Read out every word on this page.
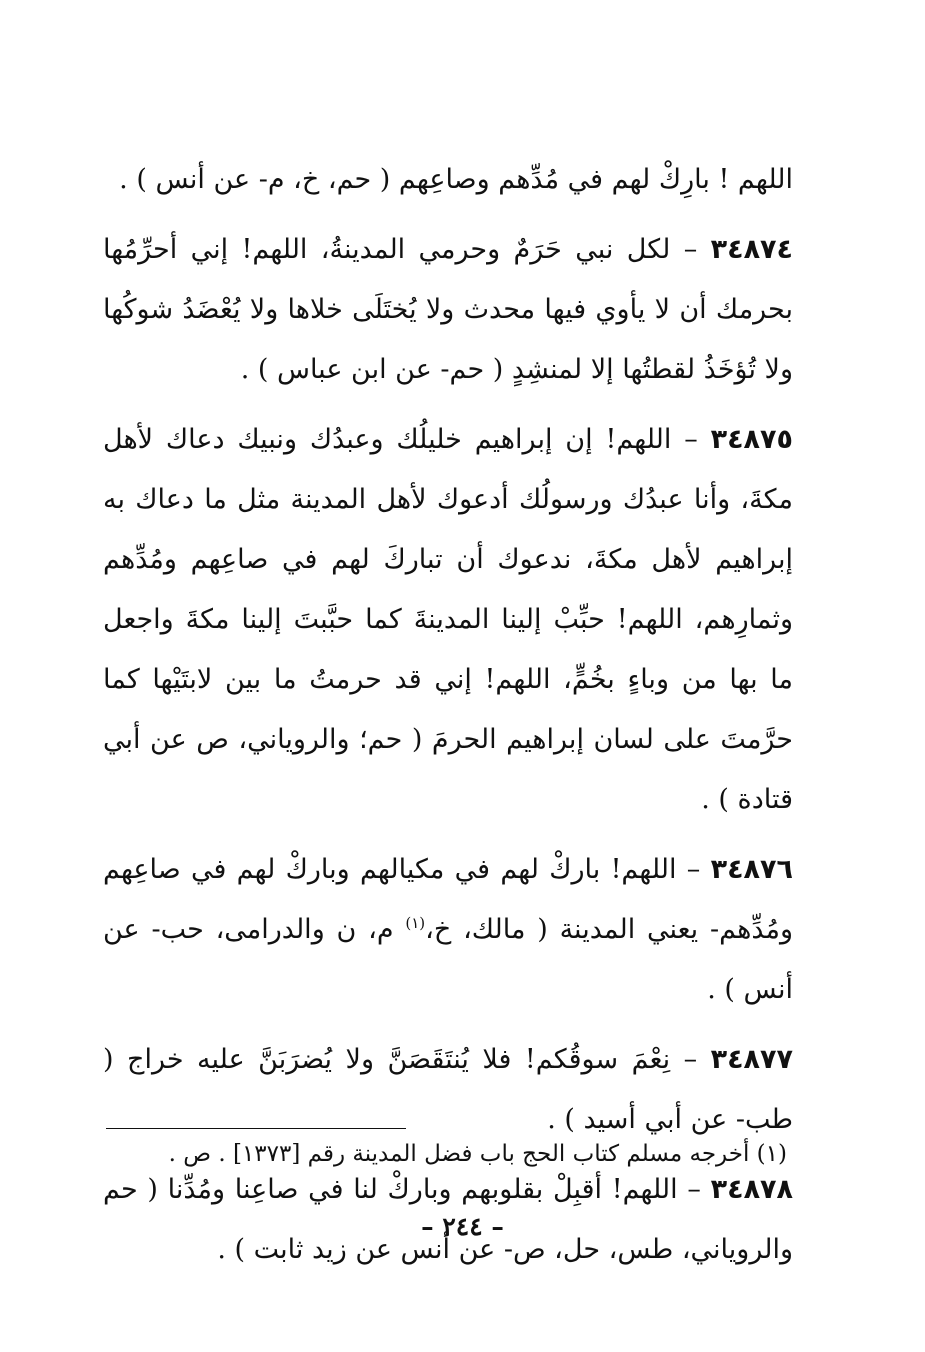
اللهم ! بارِكْ لهم في مُدِّهم وصاعِهم ( حم، خ، م- عن أنس ) .

٣٤٨٧٤ – لكل نبي حَرَمٌ وحرمي المدينةُ، اللهم! إني أحرِّمُها بحرمك أن لا يأوي فيها محدث ولا يُختَلَى خلاها ولا يُعْضَدُ شوكُها ولا تُؤخَذُ لقطتُها إلا لمنشِدٍ ( حم- عن ابن عباس ) .

٣٤٨٧٥ – اللهم! إن إبراهيم خليلُك وعبدُك ونبيك دعاك لأهل مكةَ، وأنا عبدُك ورسولُك أدعوك لأهل المدينة مثل ما دعاك به إبراهيم لأهل مكةَ، ندعوك أن تباركَ لهم في صاعِهم ومُدِّهم وثمارِهم، اللهم! حبِّبْ إلينا المدينةَ كما حبَّبتَ إلينا مكةَ واجعل ما بها من وباءٍ بخُمٍّ، اللهم! إني قد حرمتُ ما بين لابتَيْها كما حرَّمتَ على لسان إبراهيم الحرمَ ( حم؛ والروياني، ص عن أبي قتادة ) .

٣٤٨٧٦ – اللهم! باركْ لهم في مكيالهم وباركْ لهم في صاعِهم ومُدِّهم- يعني المدينة ( مالك، خ،$^{(١)}$ م، ن والدرامى، حب- عن أنس ) .

٣٤٨٧٧ – نِعْمَ سوقُكم! فلا يُنتَقَصَنَّ ولا يُضرَبَنَّ عليه خراج ( طب- عن أبي أسيد ) .

٣٤٨٧٨ – اللهم! أقبِلْ بقلوبهم وباركْ لنا في صاعِنا ومُدِّنا ( حم والروياني، طس، حل، ص- عن أنس عن زيد ثابت ) .

(١) أخرجه مسلم كتاب الحج باب فضل المدينة رقم [١٣٧٣] . ص .
– ٢٤٤ –
